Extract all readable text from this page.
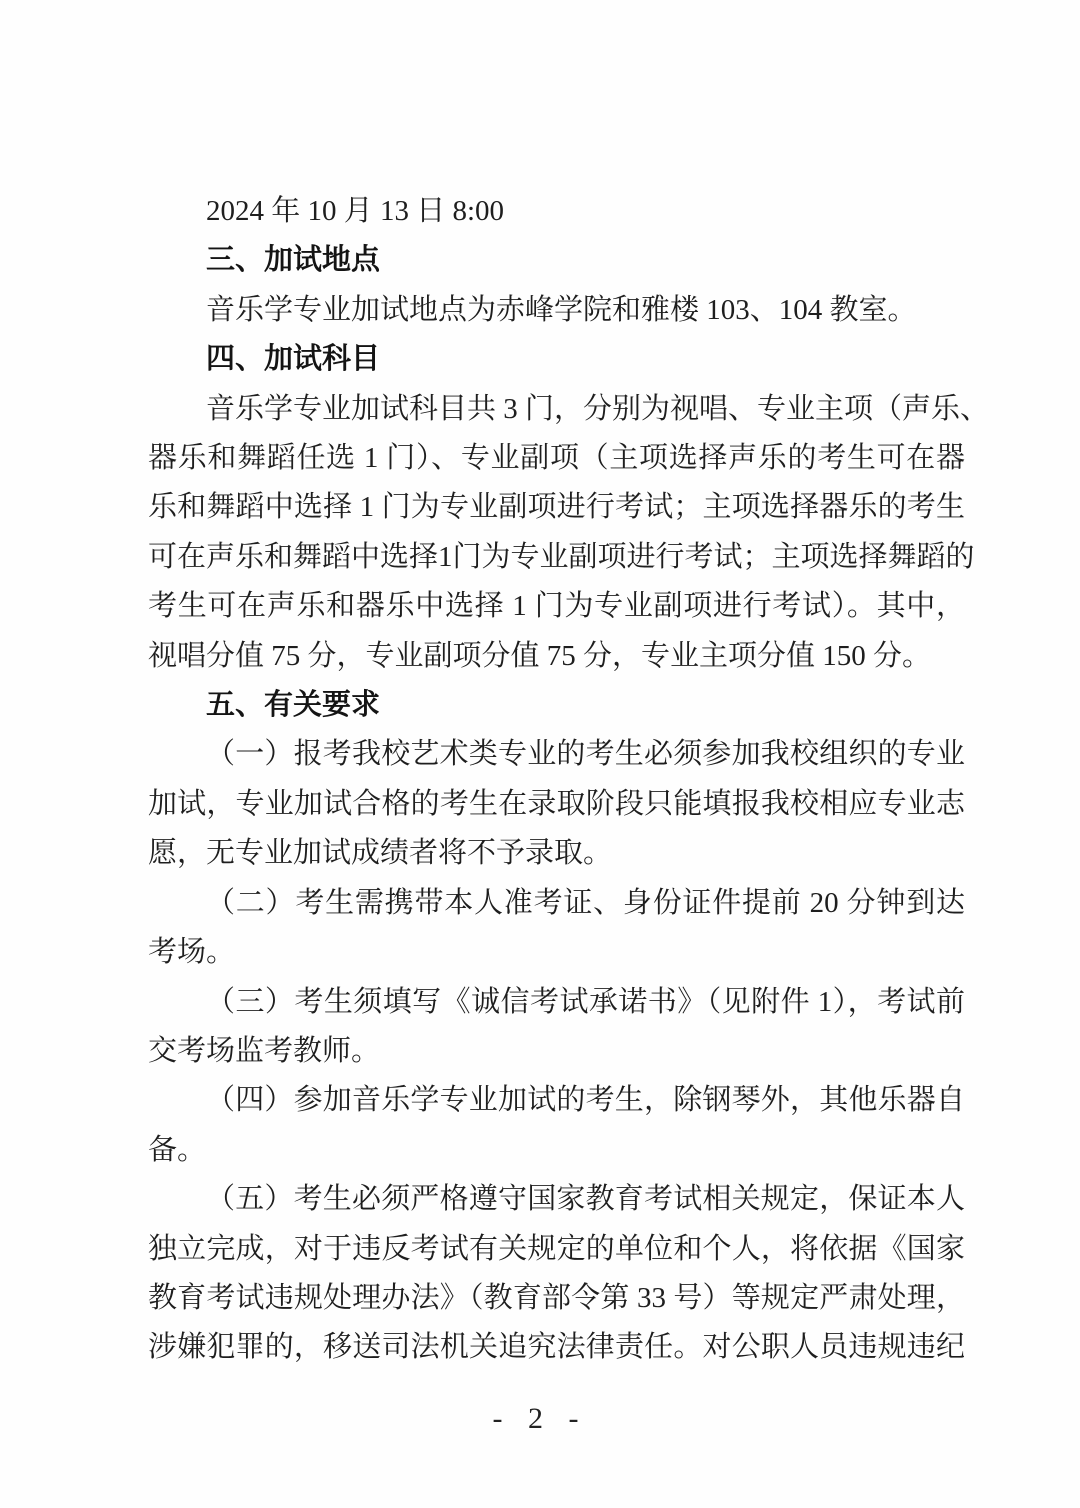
2024 年 10 月 13 日 8:00
三、加试地点
音乐学专业加试地点为赤峰学院和雅楼 103、104 教室。
四、加试科目
音乐学专业加试科目共 3 门，分别为视唱、专业主项（声乐、
器乐和舞蹈任选 1 门）、专业副项（主项选择声乐的考生可在器
乐和舞蹈中选择 1 门为专业副项进行考试；主项选择器乐的考生
可在声乐和舞蹈中选择1门为专业副项进行考试；主项选择舞蹈的
考生可在声乐和器乐中选择 1 门为专业副项进行考试）。其中，
视唱分值 75 分，专业副项分值 75 分，专业主项分值 150 分。
五、有关要求
（一）报考我校艺术类专业的考生必须参加我校组织的专业
加试，专业加试合格的考生在录取阶段只能填报我校相应专业志
愿，无专业加试成绩者将不予录取。
（二）考生需携带本人准考证、身份证件提前 20 分钟到达
考场。
（三）考生须填写《诚信考试承诺书》（见附件 1），考试前
交考场监考教师。
（四）参加音乐学专业加试的考生，除钢琴外，其他乐器自
备。
（五）考生必须严格遵守国家教育考试相关规定，保证本人
独立完成，对于违反考试有关规定的单位和个人，将依据《国家
教育考试违规处理办法》（教育部令第 33 号）等规定严肃处理，
涉嫌犯罪的，移送司法机关追究法律责任。对公职人员违规违纪
- 2 -
